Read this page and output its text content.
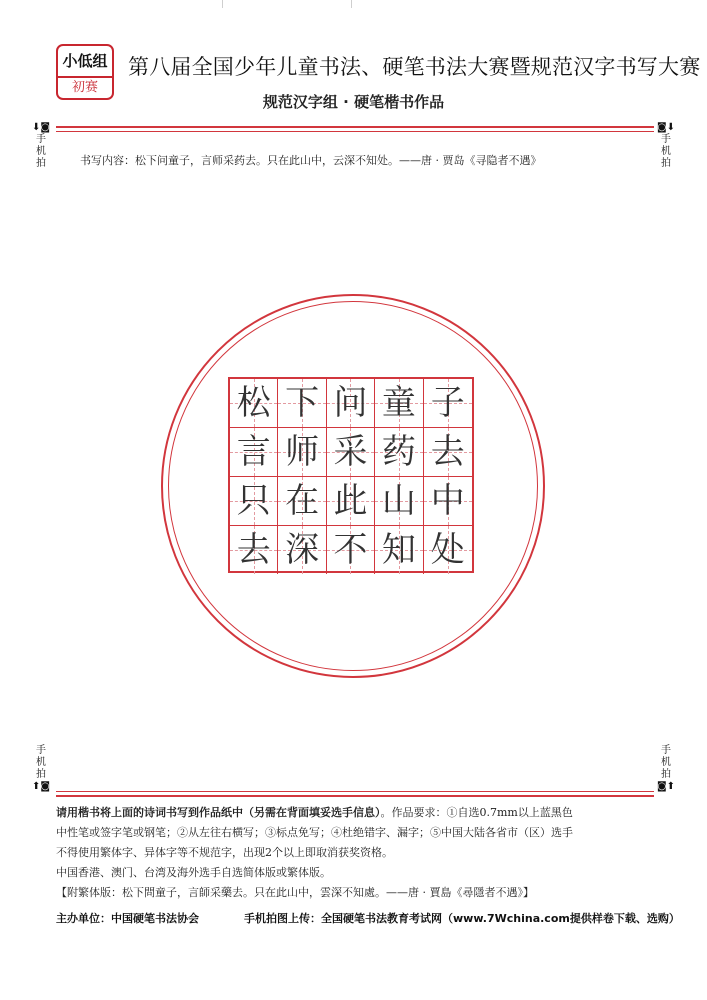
小低组
初赛
第八届全国少年儿童书法、硬笔书法大赛暨规范汉字书写大赛
规范汉字组 · 硬笔楷书作品
⬇◙
手
机
拍
◙⬇
手
机
拍
书写内容：松下问童子，言师采药去。只在此山中，云深不知处。——唐 · 贾岛《寻隐者不遇》
松 下 问 童 子
言 师 采 药 去
只 在 此 山 中
去 深 不 知 处
手
机
拍
⬆◙
手
机
拍
◙⬆

请用楷书将上面的诗词书写到作品纸中（另需在背面填妥选手信息）。作品要求：①自选0.7mm以上蓝黑色

中性笔或签字笔或钢笔；②从左往右横写；③标点免写；④杜绝错字、漏字；⑤中国大陆各省市（区）选手

不得使用繁体字、异体字等不规范字，出现2个以上即取消获奖资格。

中国香港、澳门、台湾及海外选手自选简体版或繁体版。

【附繁体版：松下問童子，言師采藥去。只在此山中，雲深不知處。——唐 · 賈島《尋隱者不遇》】

主办单位：中国硬笔书法协会	手机拍图上传：全国硬笔书法教育考试网（www.7Wchina.com提供样卷下载、选购）
